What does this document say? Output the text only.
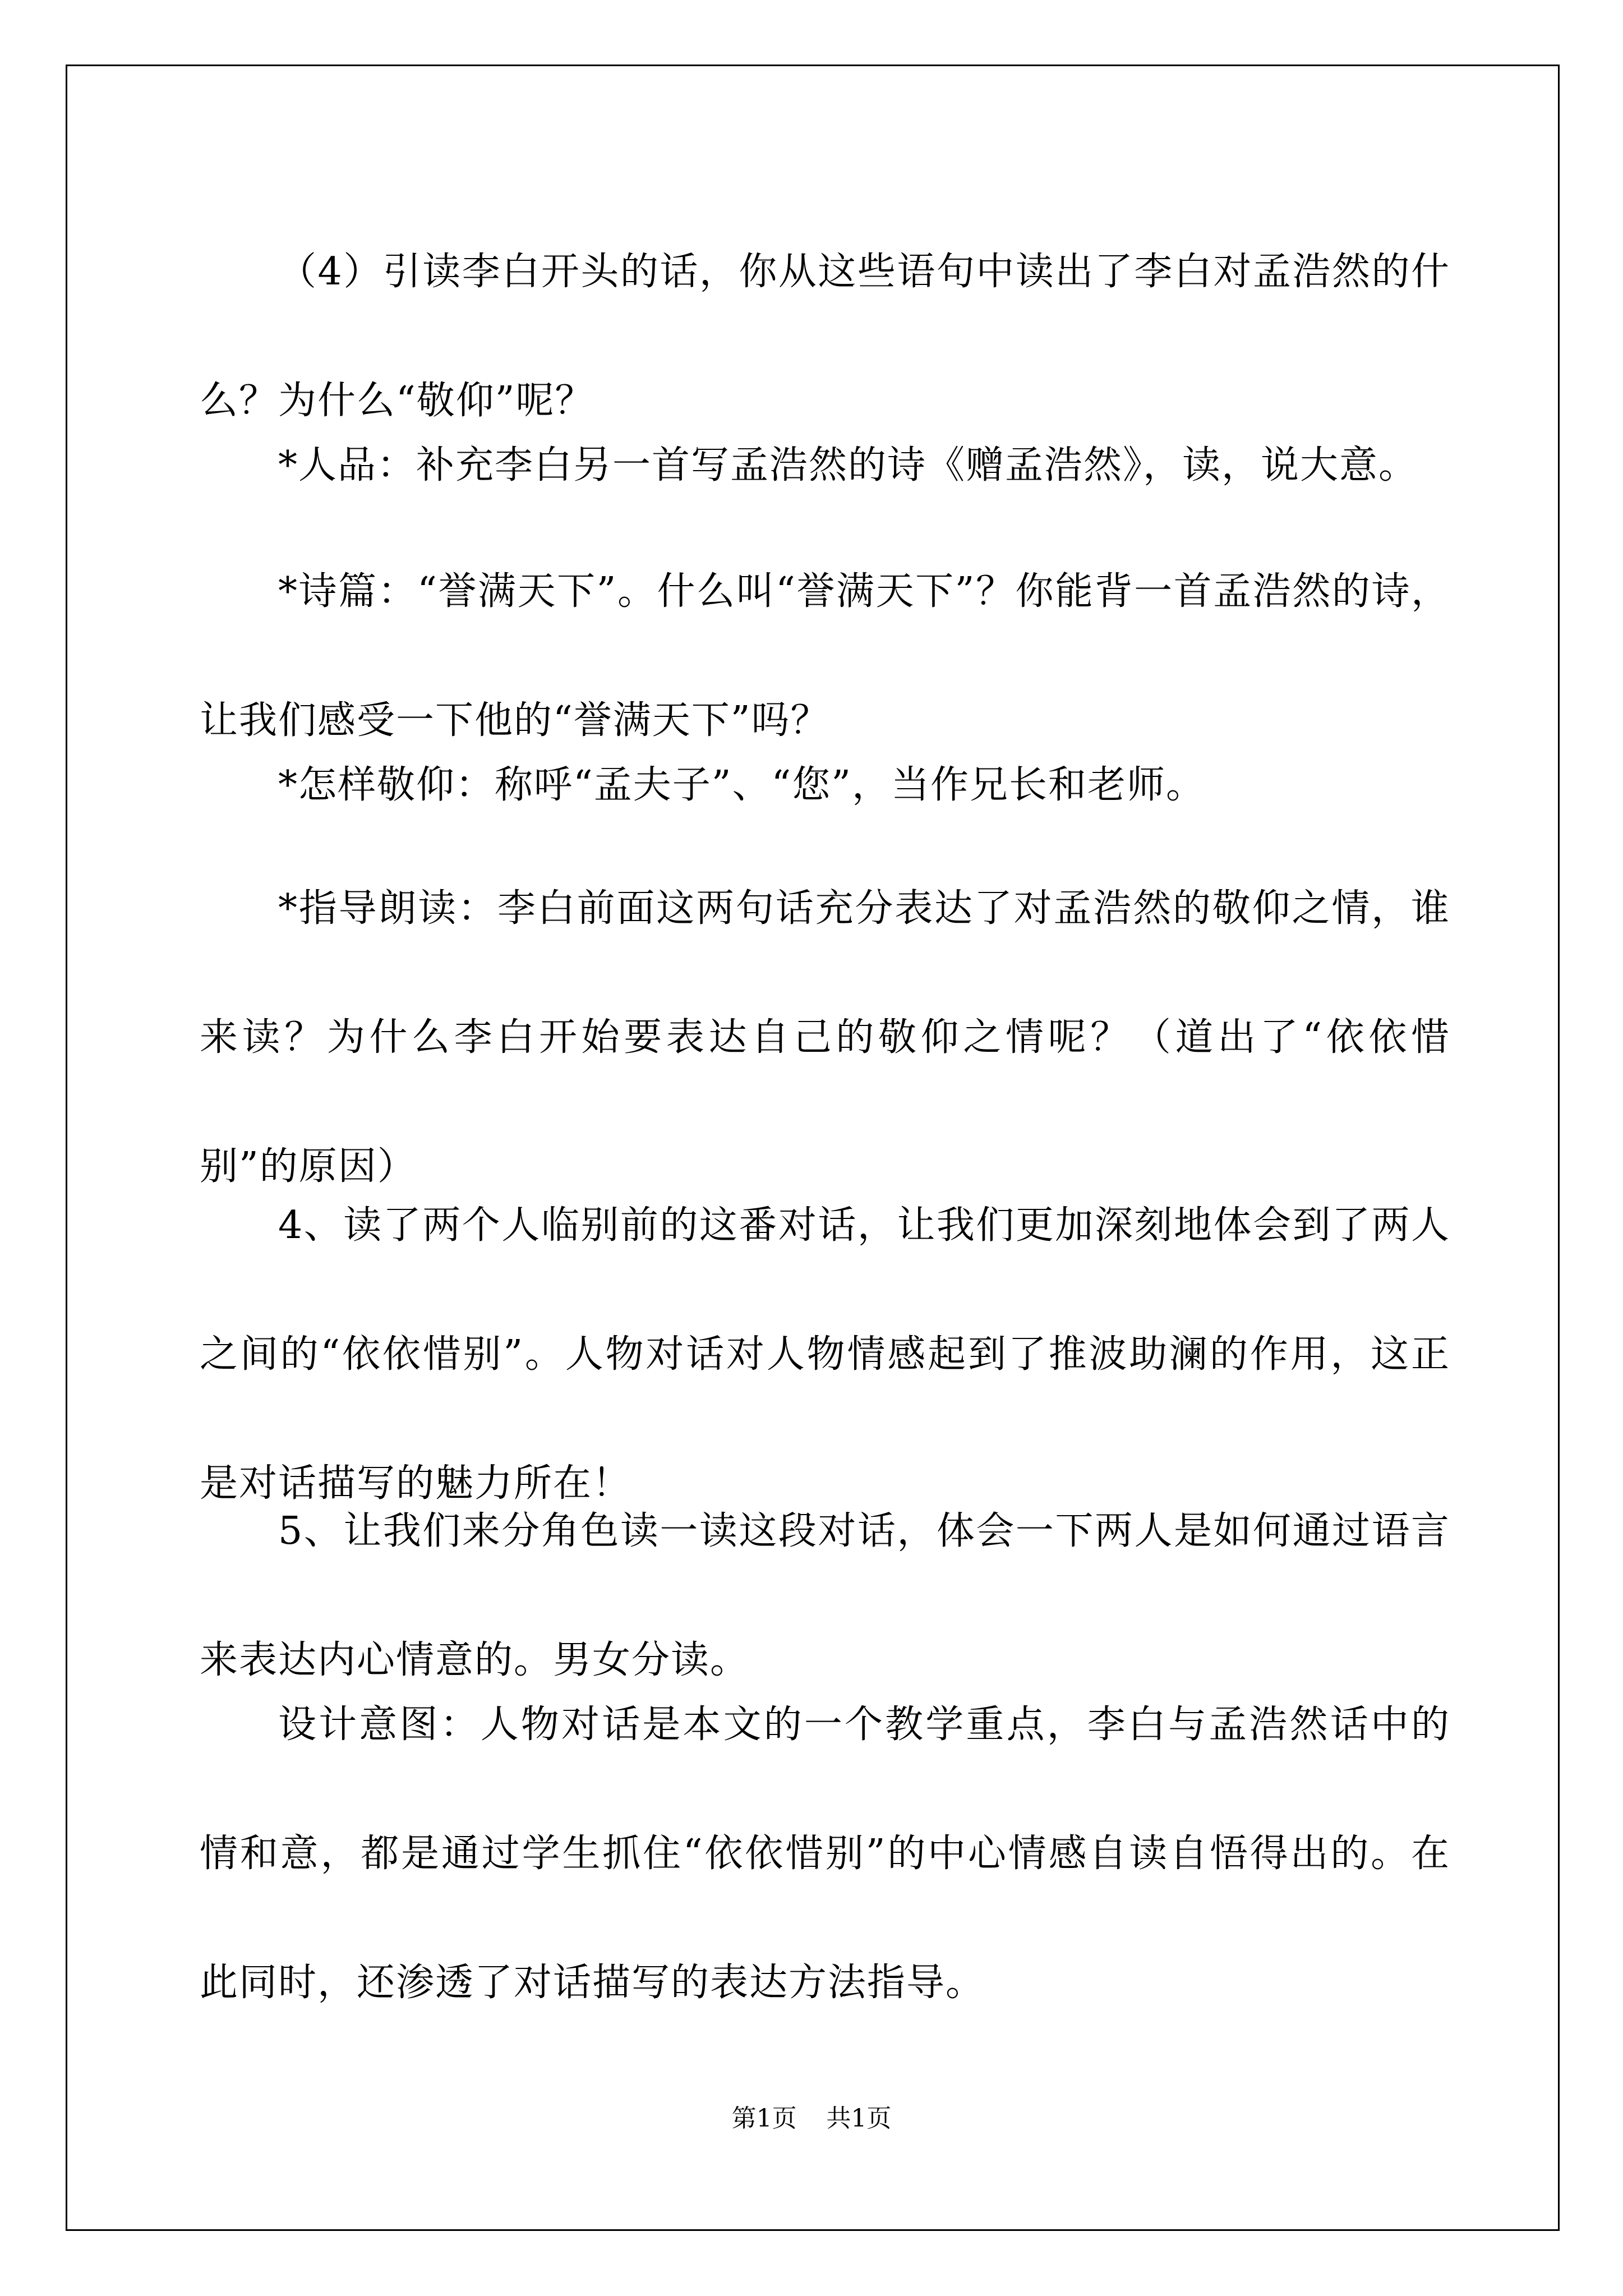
（4）引读李白开头的话，你从这些语句中读出了李白对孟浩然的什么？为什么“敬仰”呢？

*人品：补充李白另一首写孟浩然的诗《赠孟浩然》，读，说大意。

*诗篇：“誉满天下”。什么叫“誉满天下”？你能背一首孟浩然的诗，让我们感受一下他的“誉满天下”吗？

*怎样敬仰：称呼“孟夫子”、“您”，当作兄长和老师。

*指导朗读：李白前面这两句话充分表达了对孟浩然的敬仰之情，谁来读？为什么李白开始要表达自己的敬仰之情呢？（道出了“依依惜别”的原因）

4、读了两个人临别前的这番对话，让我们更加深刻地体会到了两人之间的“依依惜别”。人物对话对人物情感起到了推波助澜的作用，这正是对话描写的魅力所在！

5、让我们来分角色读一读这段对话，体会一下两人是如何通过语言来表达内心情意的。男女分读。

设计意图：人物对话是本文的一个教学重点，李白与孟浩然话中的情和意，都是通过学生抓住“依依惜别”的中心情感自读自悟得出的。在此同时，还渗透了对话描写的表达方法指导。

第1页 共1页
